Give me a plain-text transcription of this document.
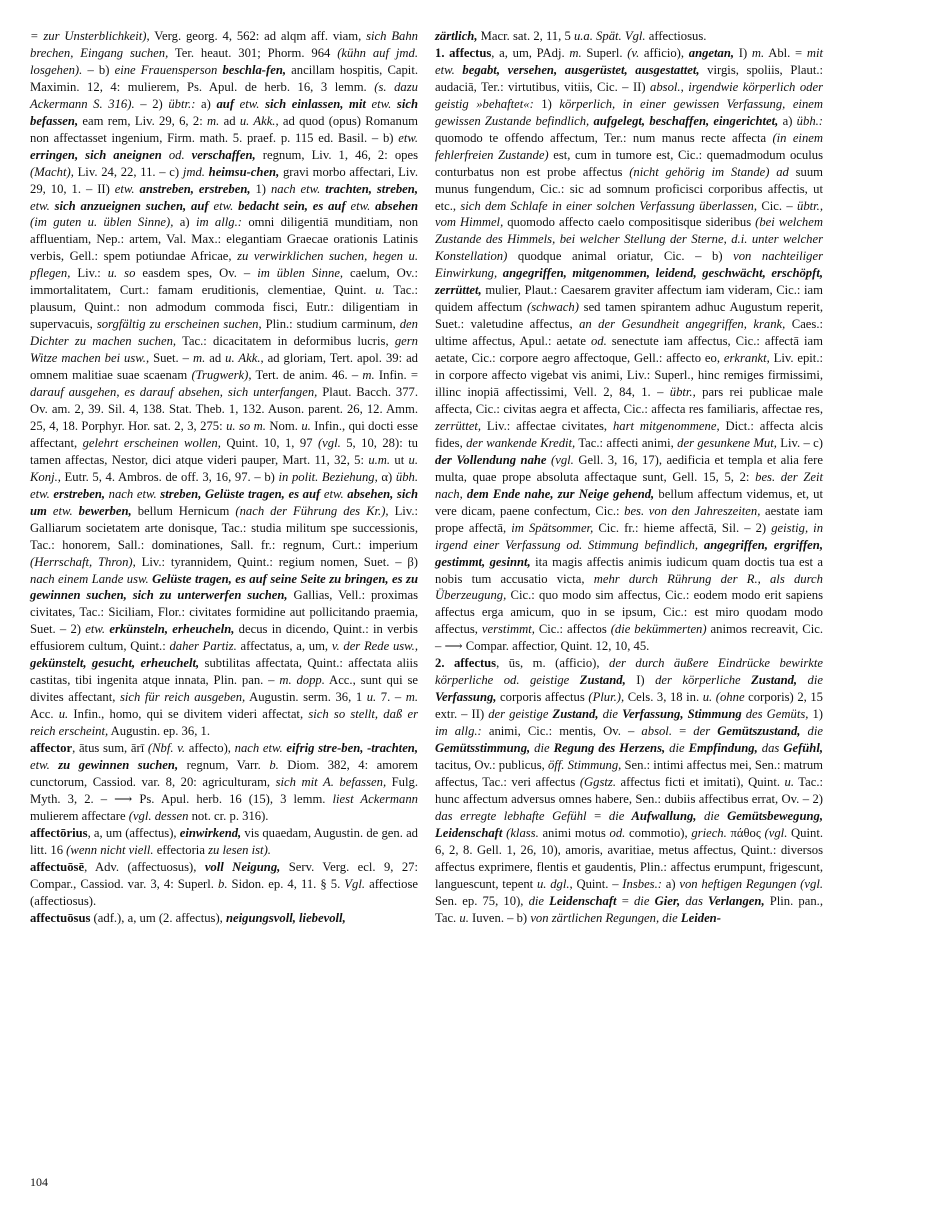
= zur Unsterblichkeit), Verg. georg. 4, 562: ad alqm aff. viam, sich Bahn brechen, Eingang suchen, Ter. heaut. 301; Phorm. 964 (kühn auf jmd. losgehen). – b) eine Frauensperson beschla-fen, ancillam hospitis, Capit. Maximin. 12, 4: mulierem, Ps. Apul. de herb. 16, 3 lemm. (s. dazu Ackermann S. 316). – 2) übtr.: a) auf etw. sich einlassen, mit etw. sich befassen, eam rem, Liv. 29, 6, 2: m. ad u. Akk., ad quod (opus) Romanum non affectasset ingenium, Firm. math. 5. praef. p. 115 ed. Basil. – b) etw. erringen, sich aneignen od. verschaffen, regnum, Liv. 1, 46, 2: opes (Macht), Liv. 24, 22, 11. – c) jmd. heimsu-chen, gravi morbo affectari, Liv. 29, 10, 1. – II) etw. anstreben, erstreben, 1) nach etw. trachten, streben, etw. sich anzueignen suchen, auf etw. bedacht sein, es auf etw. absehen (im guten u. üblen Sinne), a) im allg.: omni diligentiā munditiam, non affluentiam, Nep.: artem, Val. Max.: elegantiam Graecae orationis Latinis verbis, Gell.: spem potiundae Africae, zu verwirklichen suchen, hegen u. pflegen, Liv.: u. so easdem spes, Ov. – im üblen Sinne, caelum, Ov.: immortalitatem, Curt.: famam eruditionis, clementiae, Quint. u. Tac.: plausum, Quint.: non admodum commoda fisci, Eutr.: diligentiam in supervacuis, sorgfältig zu erscheinen suchen, Plin.: studium carminum, den Dichter zu machen suchen, Tac.: dicacitatem in deformibus lucris, gern Witze machen bei usw., Suet. – m. ad u. Akk., ad gloriam, Tert. apol. 39: ad omnem malitiae suae scaenam (Trugwerk), Tert. de anim. 46. – m. Infin. = darauf ausgehen, es darauf absehen, sich unterfangen, Plaut. Bacch. 377. Ov. am. 2, 39. Sil. 4, 138. Stat. Theb. 1, 132. Auson. parent. 26, 12. Amm. 25, 4, 18. Porphyr. Hor. sat. 2, 3, 275: u. so m. Nom. u. Infin., qui docti esse affectant, gelehrt erscheinen wollen, Quint. 10, 1, 97 (vgl. 5, 10, 28): tu tamen affectas, Nestor, dici atque videri pauper, Mart. 11, 32, 5: u.m. ut u. Konj., Eutr. 5, 4. Ambros. de off. 3, 16, 97. – b) in polit. Beziehung, α) übh. etw. erstreben, nach etw. streben, Gelüste tragen, es auf etw. absehen, sich um etw. bewerben, bellum Hernicum (nach der Führung des Kr.), Liv.: Galliarum societatem arte donisque, Tac.: studia militum spe successionis, Tac.: honorem, Sall.: dominationes, Sall. fr.: regnum, Curt.: imperium (Herrschaft, Thron), Liv.: tyrannidem, Quint.: regium nomen, Suet. – β) nach einem Lande usw. Gelüste tragen, es auf seine Seite zu bringen, es zu gewinnen suchen, sich zu unterwerfen suchen, Gallias, Vell.: proximas civitates, Tac.: Siciliam, Flor.: civitates formidine aut pollicitando praemia, Suet. – 2) etw. erkünsteln, erheucheln, decus in dicendo, Quint.: in verbis effusiorem cultum, Quint.: daher Partiz. affectatus, a, um, v. der Rede usw., gekünstelt, gesucht, erheuchelt, subtilitas affectata, Quint.: affectata aliis castitas, tibi ingenita atque innata, Plin. pan. – m. dopp. Acc., sunt qui se divites affectant, sich für reich ausgeben, Augustin. serm. 36, 1 u. 7. – m. Acc. u. Infin., homo, qui se divitem videri affectat, sich so stellt, daß er reich erscheint, Augustin. ep. 36, 1.

affector, ātus sum, ārī (Nbf. v. affecto), nach etw. eifrig stre-ben, -trachten, etw. zu gewinnen suchen, regnum, Varr. b. Diom. 382, 4: amorem cunctorum, Cassiod. var. 8, 20: agriculturam, sich mit A. befassen, Fulg. Myth. 3, 2. – ⟶ Ps. Apul. herb. 16 (15), 3 lemm. liest Ackermann mulierem affectare (vgl. dessen not. cr. p. 316).

affectōrius, a, um (affectus), einwirkend, vis quaedam, Augustin. de gen. ad litt. 16 (wenn nicht viell. effectoria zu lesen ist).

affectuōsē, Adv. (affectuosus), voll Neigung, Serv. Verg. ecl. 9, 27: Compar., Cassiod. var. 3, 4: Superl. b. Sidon. ep. 4, 11. § 5. Vgl. affectiose (affectiosus).

affectuōsus (adf.), a, um (2. affectus), neigungsvoll, liebevoll,

zärtlich, Macr. sat. 2, 11, 5 u.a. Spät. Vgl. affectiosus.

1. affectus, a, um, PAdj. m. Superl. (v. afficio), angetan, I) m. Abl. = mit etw. begabt, versehen, ausgerüstet, ausgestattet, virgis, spoliis, Plaut.: audaciā, Ter.: virtutibus, vitiis, Cic. – II) absol., irgendwie körperlich oder geistig »behaftet«: 1) körperlich, in einer gewissen Verfassung, einem gewissen Zustande befindlich, aufgelegt, beschaffen, eingerichtet, a) übh.: quomodo te offendo affectum, Ter.: num manus recte affecta (in einem fehlerfreien Zustande) est, cum in tumore est, Cic.: quemadmodum oculus conturbatus non est probe affectus (nicht gehörig im Stande) ad suum munus fungendum, Cic.: sic ad somnum proficisci corporibus affectis, ut etc., sich dem Schlafe in einer solchen Verfassung überlassen, Cic. – übtr., vom Himmel, quomodo affecto caelo compositisque sideribus (bei welchem Zustande des Himmels, bei welcher Stellung der Sterne, d.i. unter welcher Konstellation) quodque animal oriatur, Cic. – b) von nachteiliger Einwirkung, angegriffen, mitgenommen, leidend, geschwächt, erschöpft, zerrüttet, mulier, Plaut.: Caesarem graviter affectum iam videram, Cic.: iam quidem affectum (schwach) sed tamen spirantem adhuc Augustum reperit, Suet.: valetudine affectus, an der Gesundheit angegriffen, krank, Caes.: ultime affectus, Apul.: aetate od. senectute iam affectus, Cic.: affectā iam aetate, Cic.: corpore aegro affectoque, Gell.: affecto eo, erkrankt, Liv. epit.: in corpore affecto vigebat vis animi, Liv.: Superl., hinc remiges firmissimi, illinc inopiā affectissimi, Vell. 2, 84, 1. – übtr., pars rei publicae male affecta, Cic.: civitas aegra et affecta, Cic.: affecta res familiaris, affectae res, zerrüttet, Liv.: affectae civitates, hart mitgenommene, Dict.: affecta alcis fides, der wankende Kredit, Tac.: affecti animi, der gesunkene Mut, Liv. – c) der Vollendung nahe (vgl. Gell. 3, 16, 17), aedificia et templa et alia fere multa, quae prope absoluta affectaque sunt, Gell. 15, 5, 2: bes. der Zeit nach, dem Ende nahe, zur Neige gehend, bellum affectum videmus, et, ut vere dicam, paene confectum, Cic.: bes. von den Jahreszeiten, aestate iam prope affectā, im Spätsommer, Cic. fr.: hieme affectā, Sil. – 2) geistig, in irgend einer Verfassung od. Stimmung befindlich, angegriffen, ergriffen, gestimmt, gesinnt, ita magis affectis animis iudicum quam doctis tua est a nobis tum accusatio victa, mehr durch Rührung der R., als durch Überzeugung, Cic.: quo modo sim affectus, Cic.: eodem modo erit sapiens affectus erga amicum, quo in se ipsum, Cic.: est miro quodam modo affectus, verstimmt, Cic.: affectos (die bekümmerten) animos recreavit, Cic. – ⟶ Compar. affectior, Quint. 12, 10, 45.

2. affectus, ūs, m. (afficio), der durch äußere Eindrücke bewirkte körperliche od. geistige Zustand, I) der körperliche Zustand, die Verfassung, corporis affectus (Plur.), Cels. 3, 18 in. u. (ohne corporis) 2, 15 extr. – II) der geistige Zustand, die Verfassung, Stimmung des Gemüts, 1) im allg.: animi, Cic.: mentis, Ov. – absol. = der Gemütszustand, die Gemütsstimmung, die Regung des Herzens, die Empfindung, das Gefühl, tacitus, Ov.: publicus, öff. Stimmung, Sen.: intimi affectus mei, Sen.: matrum affectus, Tac.: veri affectus (Ggstz. affectus ficti et imitati), Quint. u. Tac.: hunc affectum adversus omnes habere, Sen.: dubiis affectibus errat, Ov. – 2) das erregte lebhafte Gefühl = die Aufwallung, die Gemütsbewegung, Leidenschaft (klass. animi motus od. commotio), griech. πάθος (vgl. Quint. 6, 2, 8. Gell. 1, 26, 10), amoris, avaritiae, metus affectus, Quint.: diversos affectus exprimere, flentis et gaudentis, Plin.: affectus erumpunt, frigescunt, languescunt, tepent u. dgl., Quint. – Insbes.: a) von heftigen Regungen (vgl. Sen. ep. 75, 10), die Leidenschaft = die Gier, das Verlangen, Plin. pan., Tac. u. Iuven. – b) von zärtlichen Regungen, die Leiden-

104
